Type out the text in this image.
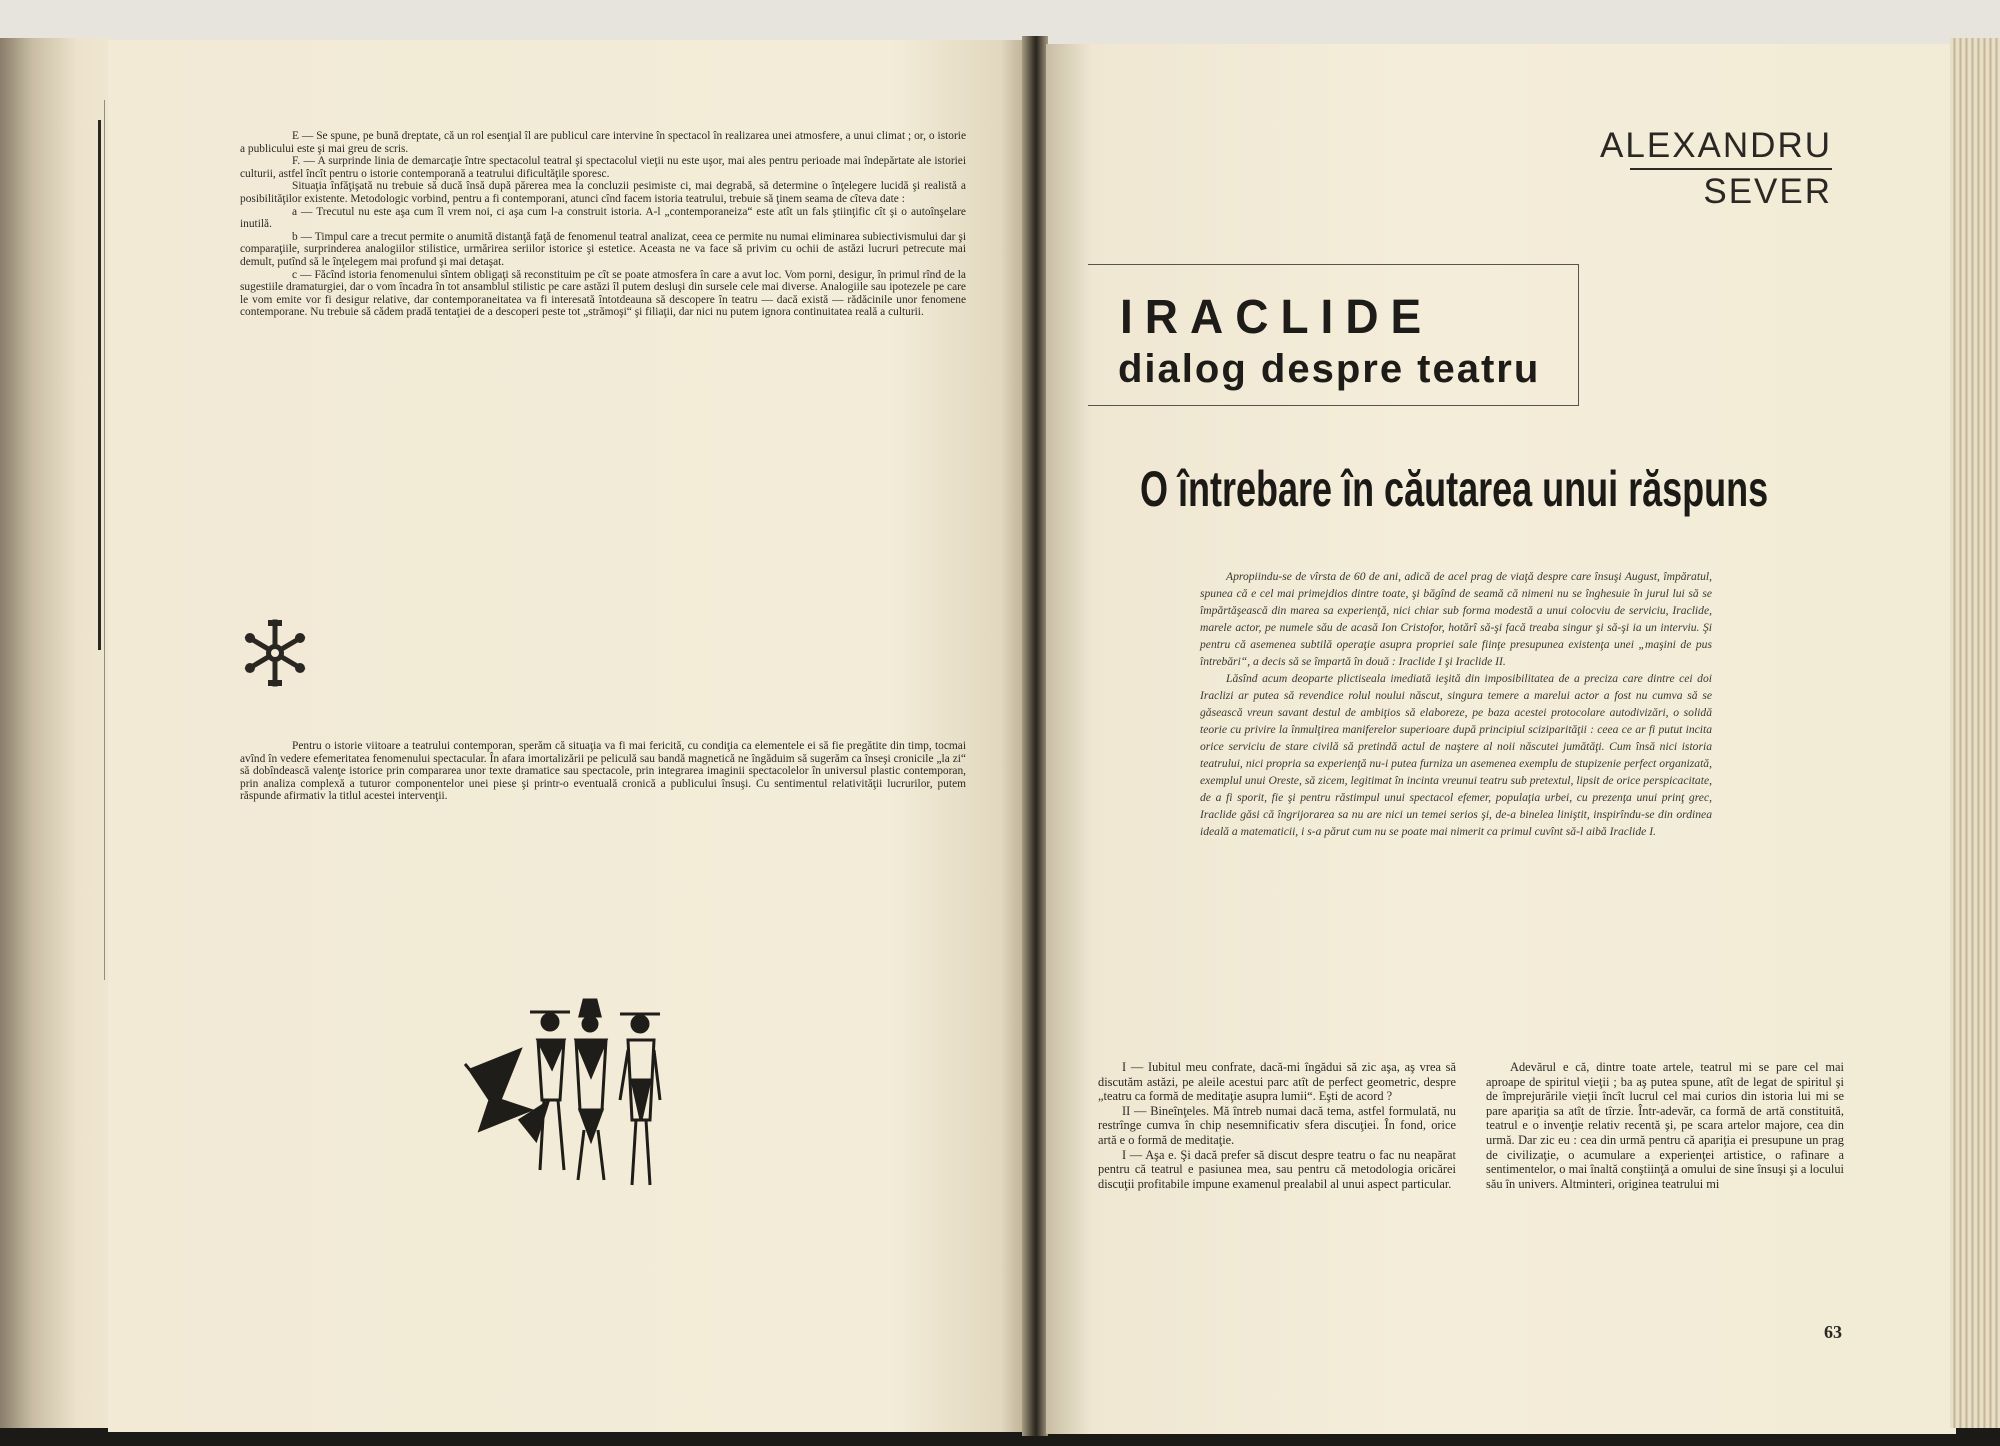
E — Se spune, pe bună dreptate, că un rol esenţial îl are publicul care intervine în spectacol în realizarea unei atmosfere, a unui climat ; or, o istorie a publicului este şi mai greu de scris.

F. — A surprinde linia de demarcaţie între spectacolul teatral şi spectacolul vieţii nu este uşor, mai ales pentru perioade mai îndepărtate ale istoriei culturii, astfel încît pentru o istorie contemporană a teatrului dificultăţile sporesc.

Situaţia înfăţişată nu trebuie să ducă însă după părerea mea la concluzii pesimiste ci, mai degrabă, să determine o înţelegere lucidă şi realistă a posibilităţilor existente. Metodologic vorbind, pentru a fi contemporani, atunci cînd facem istoria teatrului, trebuie să ţinem seama de cîteva date :

a — Trecutul nu este aşa cum îl vrem noi, ci aşa cum l-a construit istoria. A-l „contemporaneiza“ este atît un fals ştiinţific cît şi o autoînşelare inutilă.

b — Timpul care a trecut permite o anumită distanţă faţă de fenomenul teatral analizat, ceea ce permite nu numai eliminarea subiectivismului dar şi comparaţiile, surprinderea analogiilor stilistice, urmărirea seriilor istorice şi estetice. Aceasta ne va face să privim cu ochii de astăzi lucruri petrecute mai demult, putînd să le înţelegem mai profund şi mai detaşat.

c — Făcînd istoria fenomenului sîntem obligaţi să reconstituim pe cît se poate atmosfera în care a avut loc. Vom porni, desigur, în primul rînd de la sugestiile dramaturgiei, dar o vom încadra în tot ansamblul stilistic pe care astăzi îl putem desluşi din sursele cele mai diverse. Analogiile sau ipotezele pe care le vom emite vor fi desigur relative, dar contemporaneitatea va fi interesată întotdeauna să descopere în teatru — dacă există — rădăcinile unor fenomene contemporane. Nu trebuie să cădem pradă tentaţiei de a descoperi peste tot „strămoşi“ şi filiaţii, dar nici nu putem ignora continuitatea reală a culturii.

Pentru o istorie viitoare a teatrului contemporan, sperăm că situaţia va fi mai fericită, cu condiţia ca elementele ei să fie pregătite din timp, tocmai avînd în vedere efemeritatea fenomenului spectacular. În afara imortalizării pe peliculă sau bandă magnetică ne îngăduim să sugerăm ca înseşi cronicile „la zi“ să dobîndească valenţe istorice prin compararea unor texte dramatice sau spectacole, prin integrarea imaginii spectacolelor în universul plastic contemporan, prin analiza complexă a tuturor componentelor unei piese şi printr-o eventuală cronică a publicului însuşi. Cu sentimentul relativităţii lucrurilor, putem răspunde afirmativ la titlul acestei intervenţii.

ALEXANDRU
SEVER
IRACLIDE
dialog despre teatru
O întrebare în căutarea unui răspuns

Apropiindu-se de vîrsta de 60 de ani, adică de acel prag de viaţă despre care însuşi August, împăratul, spunea că e cel mai primejdios dintre toate, şi băgînd de seamă că nimeni nu se înghesuie în jurul lui să se împărtăşească din marea sa experienţă, nici chiar sub forma modestă a unui colocviu de serviciu, Iraclide, marele actor, pe numele său de acasă Ion Cristofor, hotărî să-şi facă treaba singur şi să-şi ia un interviu. Şi pentru că asemenea subtilă operaţie asupra propriei sale fiinţe presupunea existenţa unei „maşini de pus întrebări“, a decis să se împartă în două : Iraclide I şi Iraclide II.

Lăsînd acum deoparte plictiseala imediată ieşită din imposibilitatea de a preciza care dintre cei doi Iraclizi ar putea să revendice rolul noului născut, singura temere a marelui actor a fost nu cumva să se găsească vreun savant destul de ambiţios să elaboreze, pe baza acestei protocolare autodivizări, o solidă teorie cu privire la înmulţirea maniferelor superioare după principiul sciziparităţii : ceea ce ar fi putut incita orice serviciu de stare civilă să pretindă actul de naştere al noii născutei jumătăţi. Cum însă nici istoria teatrului, nici propria sa experienţă nu-i putea furniza un asemenea exemplu de stupizenie perfect organizată, exemplul unui Oreste, să zicem, legitimat în incinta vreunui teatru sub pretextul, lipsit de orice perspicacitate, de a fi sporit, fie şi pentru răstimpul unui spectacol efemer, populaţia urbei, cu prezenţa unui prinţ grec, Iraclide găsi că îngrijorarea sa nu are nici un temei serios şi, de-a binelea liniştit, inspirîndu-se din ordinea ideală a matematicii, i s-a părut cum nu se poate mai nimerit ca primul cuvînt să-l aibă Iraclide I.

I — Iubitul meu confrate, dacă-mi îngădui să zic aşa, aş vrea să discutăm astăzi, pe aleile acestui parc atît de perfect geometric, despre „teatru ca formă de meditaţie asupra lumii“. Eşti de acord ?

II — Bineînţeles. Mă întreb numai dacă tema, astfel formulată, nu restrînge cumva în chip nesemnificativ sfera discuţiei. În fond, orice artă e o formă de meditaţie.

I — Aşa e. Şi dacă prefer să discut despre teatru o fac nu neapărat pentru că teatrul e pasiunea mea, sau pentru că metodologia oricărei discuţii profitabile impune examenul prealabil al unui aspect particular.

Adevărul e că, dintre toate artele, teatrul mi se pare cel mai aproape de spiritul vieţii ; ba aş putea spune, atît de legat de spiritul şi de împrejurările vieţii încît lucrul cel mai curios din istoria lui mi se pare apariţia sa atît de tîrzie. Într-adevăr, ca formă de artă constituită, teatrul e o invenţie relativ recentă şi, pe scara artelor majore, cea din urmă. Dar zic eu : cea din urmă pentru că apariţia ei presupune un prag de civilizaţie, o acumulare a experienţei artistice, o rafinare a sentimentelor, o mai înaltă conştiinţă a omului de sine însuşi şi a locului său în univers. Altminteri, originea teatrului mi

63
